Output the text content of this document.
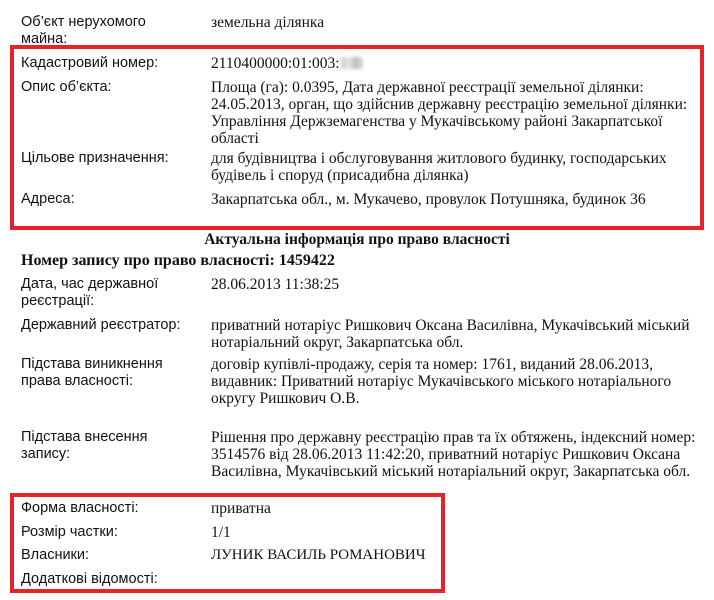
Об’єкт нерухомого майна:
земельна ділянка
Кадастровий номер:	2110400000:01:003:
Опис об’єкта:	Площа (га): 0.0395, Дата державної реєстрації земельної ділянки: 24.05.2013, орган, що здійснив державну реєстрацію земельної ділянки: Управління Держземагенства у Мукачівському районі Закарпатської області
Цільове призначення:	для будівництва і обслуговування житлового будинку, господарських будівель і споруд (присадибна ділянка)
Адреса:	Закарпатська обл., м. Мукачево, провулок Потушняка, будинок 36
Актуальна інформація про право власності
Номер запису про право власності: 1459422
Дата, час державної реєстрації:
28.06.2013 11:38:25
Державний реєстратор:	приватний нотаріус Ришкович Оксана Василівна, Мукачівський міський нотаріальний округ, Закарпатська обл.
Підстава виникнення права власності:
договір купівлі-продажу, серія та номер: 1761, виданий 28.06.2013, видавник: Приватний нотаріус Мукачівського міського нотаріального округу Ришкович О.В.
Підстава внесення запису:
Рішення про державну реєстрацію прав та їх обтяжень, індексний номер: 3514576 від 28.06.2013 11:42:20, приватний нотаріус Ришкович Оксана Василівна, Мукачівський міський нотаріальний округ, Закарпатська обл.
Форма власності:	приватна
Розмір частки:	1/1
Власники:	ЛУНИК ВАСИЛЬ РОМАНОВИЧ
Додаткові відомості:
